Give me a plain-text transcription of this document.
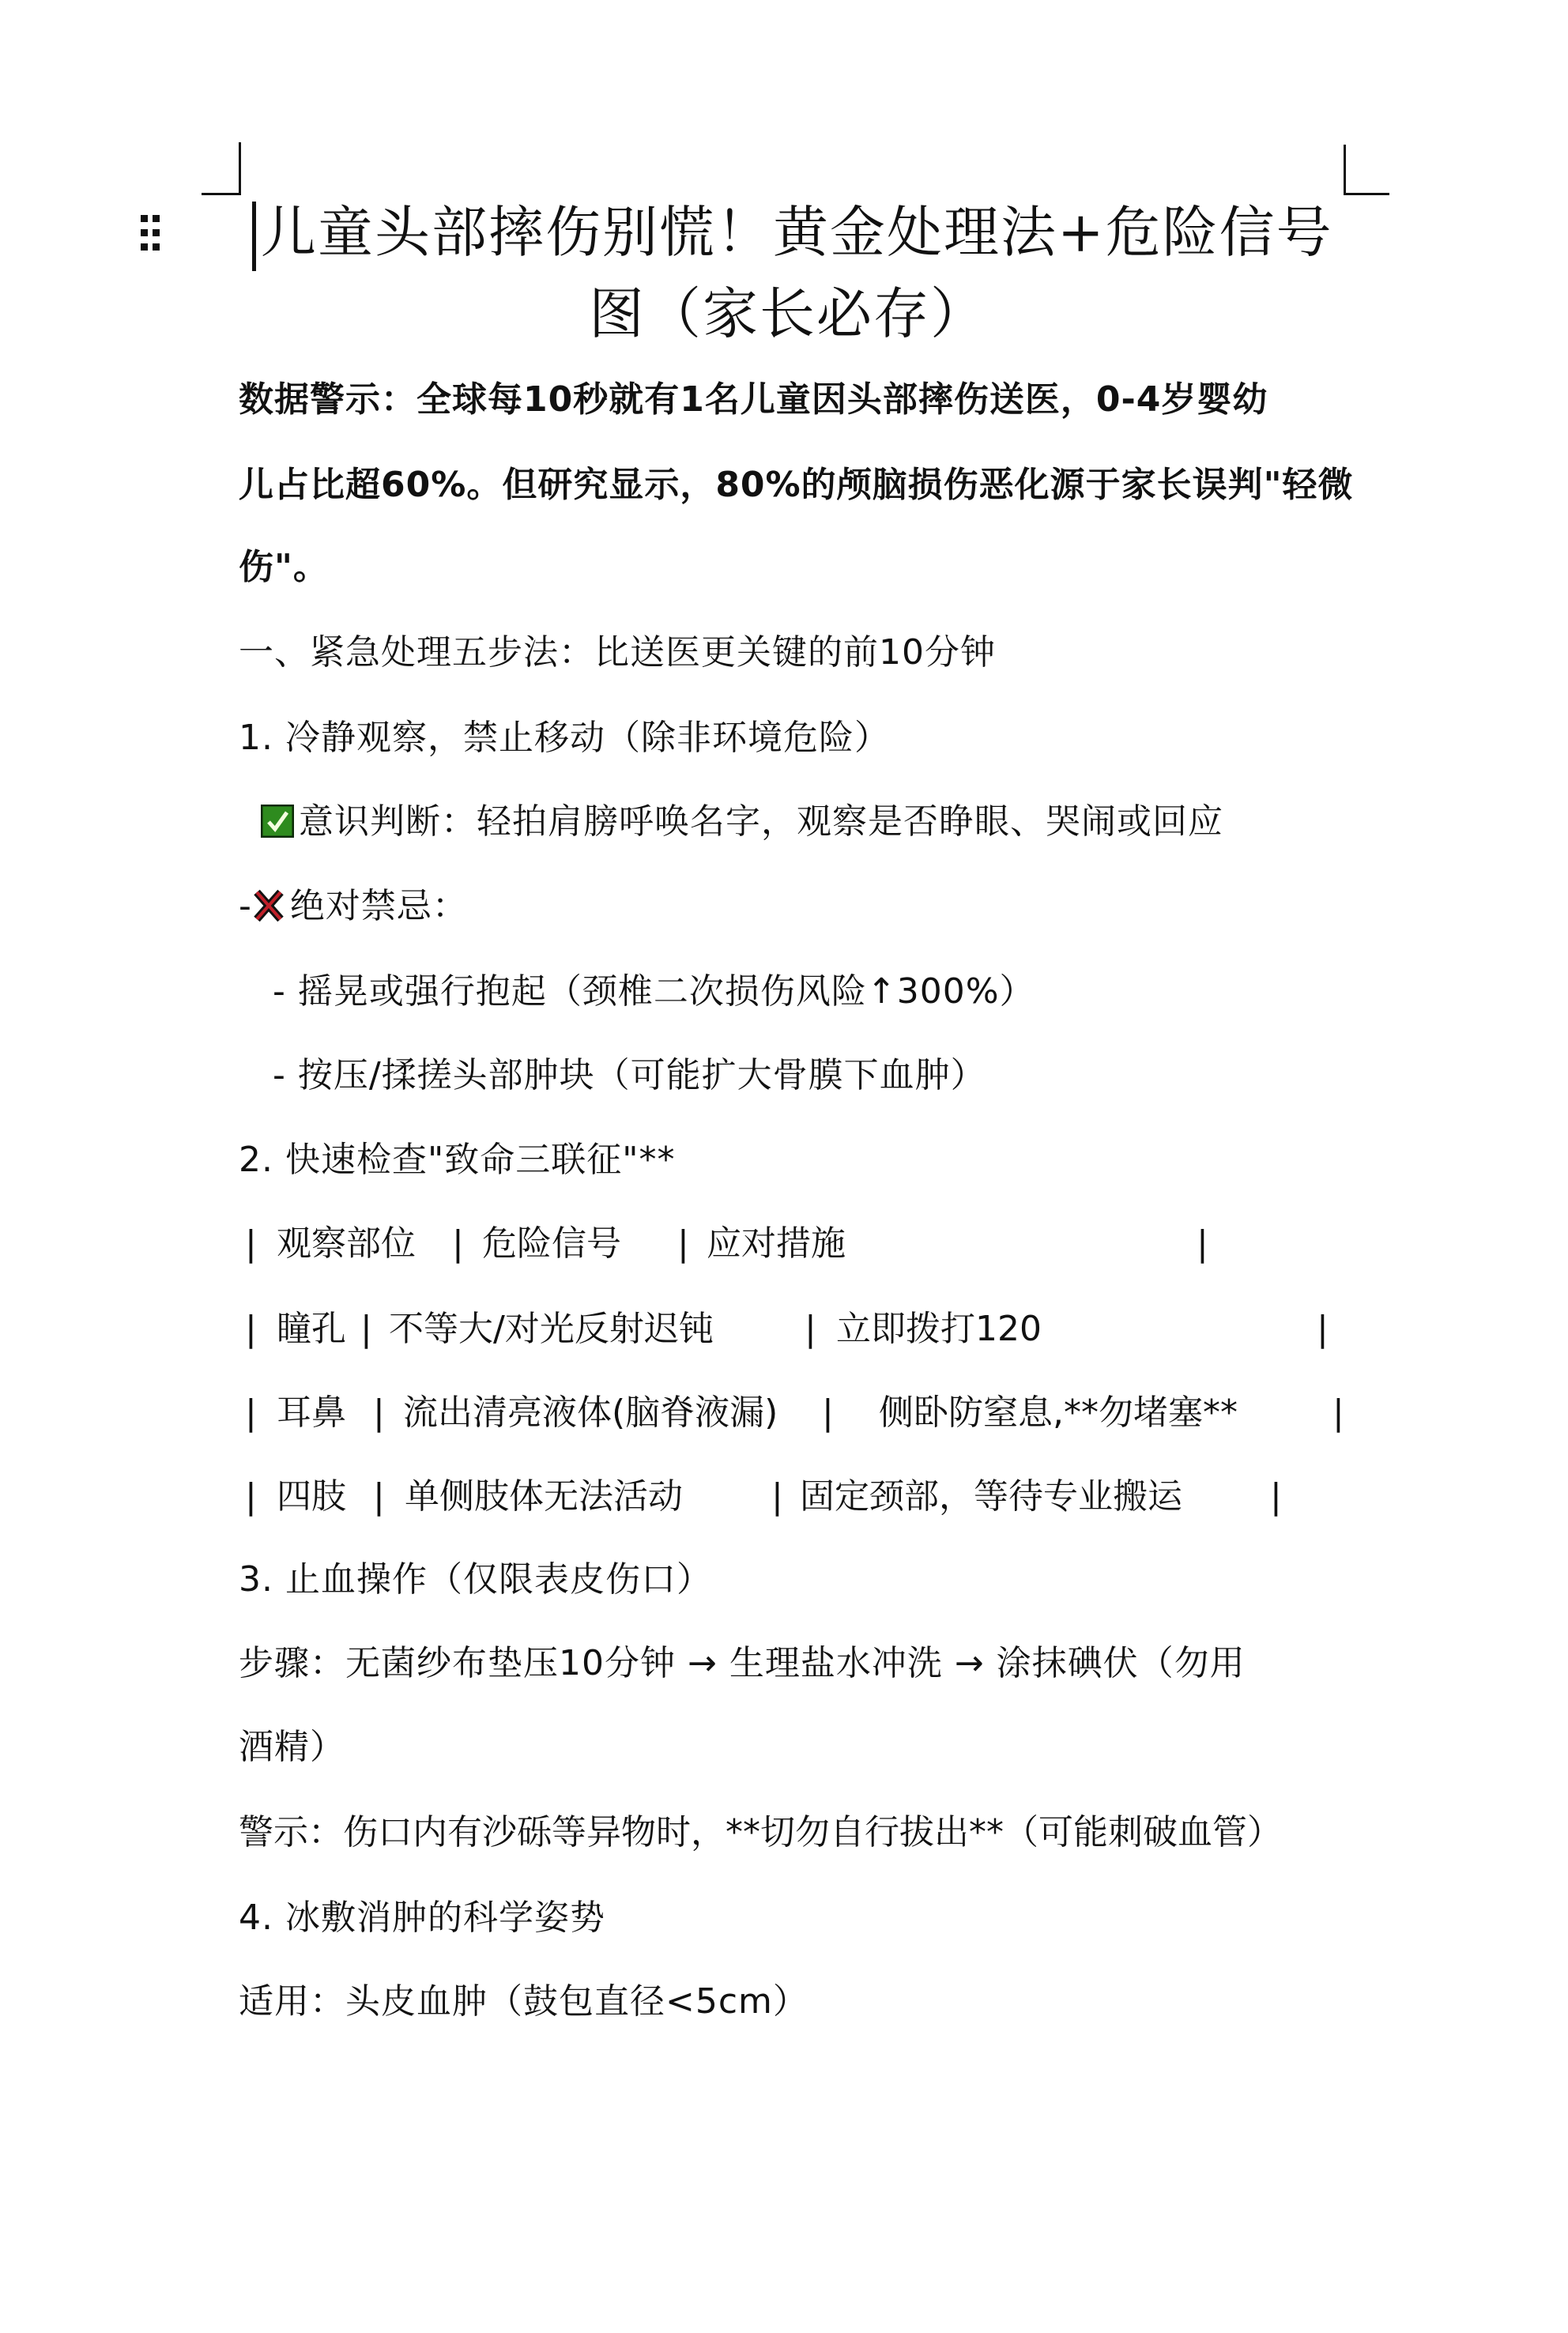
儿童头部摔伤别慌！黄金处理法+危险信号
图（家长必存）
数据警示：全球每10秒就有1名儿童因头部摔伤送医，0-4岁婴幼
儿占比超60%。但研究显示，80%的颅脑损伤恶化源于家长误判"轻微
伤"。
一、紧急处理五步法：比送医更关键的前10分钟
1. 冷静观察，禁止移动（除非环境危险）
意识判断：轻拍肩膀呼唤名字，观察是否睁眼、哭闹或回应
- 绝对禁忌：
- 摇晃或强行抱起（颈椎二次损伤风险↑300%）
- 按压/揉搓头部肿块（可能扩大骨膜下血肿）
2. 快速检查"致命三联征"**
| 观察部位 | 危险信号 | 应对措施	|
| 瞳孔 | 不等大/对光反射迟钝	| 立即拨打120	|
| 耳鼻 | 流出清亮液体(脑脊液漏) | 侧卧防窒息,**勿堵塞**	|
| 四肢 | 单侧肢体无法活动	| 固定颈部，等待专业搬运	|
3. 止血操作（仅限表皮伤口）
步骤：无菌纱布垫压10分钟 → 生理盐水冲洗 → 涂抹碘伏（勿用
酒精）
警示：伤口内有沙砾等异物时，**切勿自行拔出**（可能刺破血管）
4. 冰敷消肿的科学姿势
适用：头皮血肿（鼓包直径<5cm）
